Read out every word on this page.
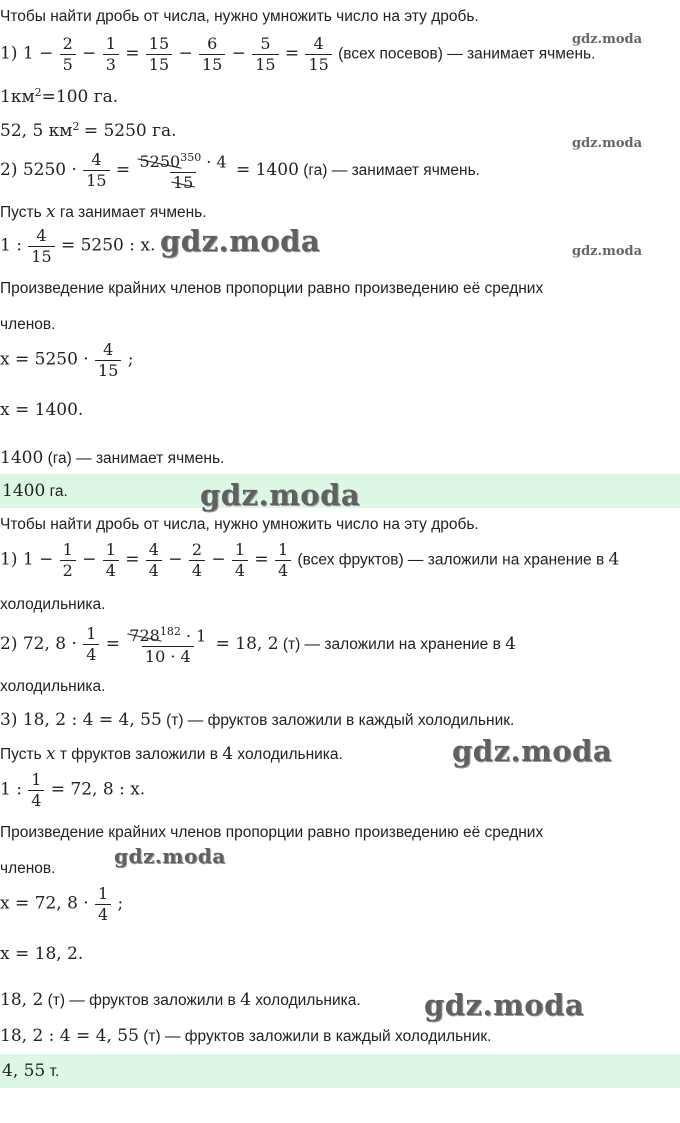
Чтобы найти дробь от числа, нужно умножить число на эту дробь.
1) $1 - \frac{2}{5} - \frac{1}{3} = \frac{15}{15} - \frac{6}{15} - \frac{5}{15} = \frac{4}{15}$ (всех посевов) — занимает ячмень.
$1км^2=100$ га.
52, 5 $км^2 = 5250$ га.
2) $5250 \cdot \frac{4}{15} = \frac{5250^{350} \cdot 4}{15} = 1400$ (га) — занимает ячмень.
Пусть x га занимает ячмень.
1 : $\frac{4}{15} = 5250$ : x.
Произведение крайних членов пропорции равно произведению её средних
членов.
$x = 5250 \cdot \frac{4}{15}$ ;
x = 1400.
1400 (га) — занимает ячмень.
1400 га.
Чтобы найти дробь от числа, нужно умножить число на эту дробь.
1) $1 - \frac{1}{2} - \frac{1}{4} = \frac{4}{4} - \frac{2}{4} - \frac{1}{4} = \frac{1}{4}$ (всех фруктов) — заложили на хранение в 4
холодильника.
2) 72, $8 \cdot \frac{1}{4} = \frac{728^{182} \cdot 1}{10 \cdot 4} = 18$, 2 (т) — заложили на хранение в 4
холодильника.
3) 18, 2 : 4 = 4, 55 (т) — фруктов заложили в каждый холодильник.
Пусть x т фруктов заложили в 4 холодильника.
1 : $\frac{1}{4} = 72$, 8 : x.
Произведение крайних членов пропорции равно произведению её средних
членов.
x = 72, $8 \cdot \frac{1}{4}$ ;
x = 18, 2.
18, 2 (т) — фруктов заложили в 4 холодильника.
18, 2 : 4 = 4, 55 (т) — фруктов заложили в каждый холодильник.
4, 55 т.
gdz.moda
gdz.moda
gdz.moda
gdz.moda
gdz.moda
gdz.moda
gdz.moda
gdz.moda
